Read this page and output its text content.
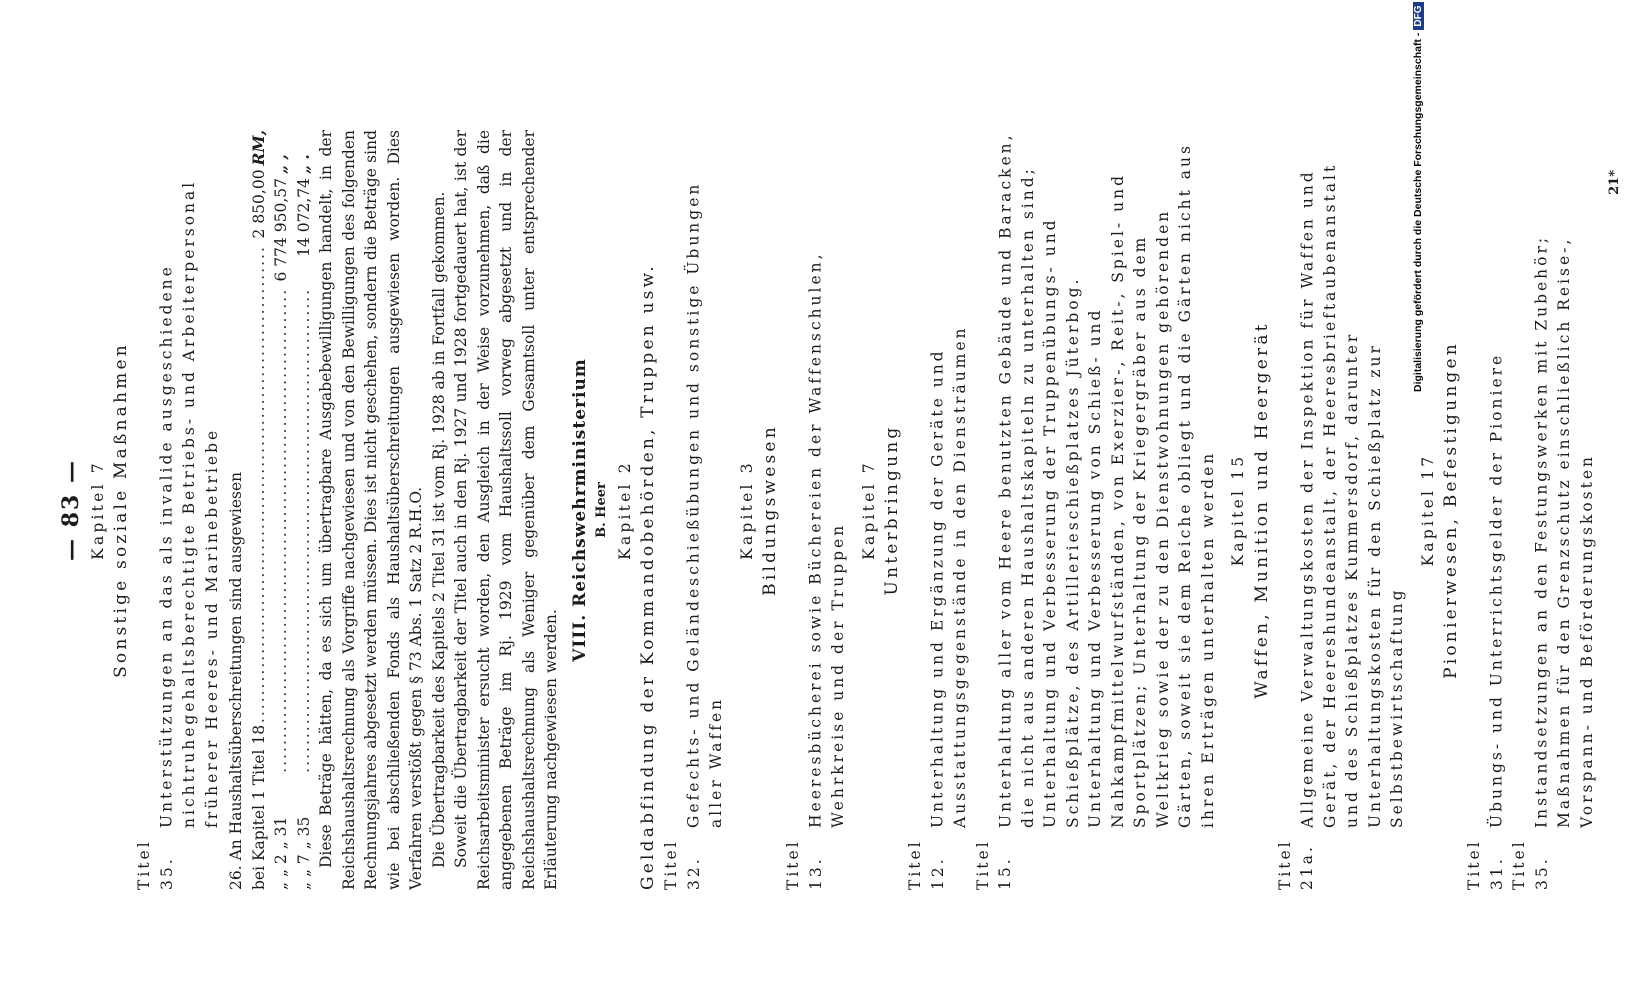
— 83 — Kapitel 7 Sonstige soziale Maßnahmen
Titel 35.Unterstützungen an das als invalide ausgeschiedene nichtruhegehaltsberechtigte Betriebs- und Arbeiterpersonal früherer Heeres- und Marinebetriebe 26. An Haushaltsüberschreitungen sind ausgewiesen bei Kapitel 1 Titel 18
......................................................................
2 850,00
RM,
„ „ 2 „ 31
......................................................................
6 774 950,57
„ ,
„ „ 7 „ 35
......................................................................
14 072,74
„ . Diese Beträge hätten, da es sich um übertragbare Ausgabebewilligungen handelt, in der Reichshaushaltsrechnung als Vorgriffe nachgewiesen und von den Bewilligungen des folgenden Rechnungsjahres abgesetzt werden müssen. Dies ist nicht geschehen, sondern die Beträge sind wie bei abschließenden Fonds als Haushaltsüberschreitungen ausgewiesen worden. Dies Verfahren verstößt gegen § 73 Abs. 1 Satz 2 R.H.O. Die Übertragbarkeit des Kapitels 2 Titel 31 ist vom Rj. 1928 ab in Fortfall gekommen. Soweit die Übertragbarkeit der Titel auch in den Rj. 1927 und 1928 fortgedauert hat, ist der Reichsarbeitsminister ersucht worden, den Ausgleich in der Weise vorzunehmen, daß die angegebenen Beträge im Rj. 1929 vom Haushaltssoll vorweg abgesetzt und in der Reichshaushaltsrechnung als Weniger gegenüber dem Gesamtsoll unter entsprechender Erläuterung nachgewiesen werden.
VIII. Reichswehrministerium B. Heer Kapitel 2 Geldabfindung der Kommandobehörden, Truppen usw. Titel 32.Gefechts- und Geländeschießübungen und sonstige Übungen aller Waffen
Kapitel 3 Bildungswesen
Titel 13.Heeresbücherei sowie Büchereien der Waffenschulen, Wehrkreise und der Truppen
Kapitel 7 Unterbringung
Titel 12.Unterhaltung und Ergänzung der Geräte und Ausstattungsgegenstände in den Diensträumen
Titel 15.Unterhaltung aller vom Heere benutzten Gebäude und Baracken, die nicht aus anderen Haushaltskapiteln zu unterhalten sind; Unterhaltung und Verbesserung der Truppenübungs- und Schießplätze, des Artillerieschießplatzes Jüterbog. Unterhaltung und Verbesserung von Schieß- und Nahkampfmittelwurfständen, von Exerzier-, Reit-, Spiel- und Sportplätzen; Unterhaltung der Kriegergräber aus dem Weltkrieg sowie der zu den Dienstwohnungen gehörenden Gärten, soweit sie dem Reiche obliegt und die Gärten nicht aus ihren Erträgen unterhalten werden Kapitel 15 Waffen, Munition und Heergerät
Titel 21a.Allgemeine Verwaltungskosten der Inspektion für Waffen und Gerät, der Heereshundeanstalt, der Heeresbrieftaubenanstalt und des Schießplatzes Kummersdorf, darunter Unterhaltungskosten für den Schießplatz zur Selbstbewirtschaftung
Kapitel 17 Pionierwesen, Befestigungen
Titel 31.Übungs- und Unterrichtsgelder der Pioniere
Titel 35.Instandsetzungen an den Festungswerken mit Zubehör; Maßnahmen für den Grenzschutz einschließlich Reise-, Vorspann- und Beförderungskosten
21*
Digitalisierung gefördert durch die Deutsche Forschungsgemeinschaft -DFG
